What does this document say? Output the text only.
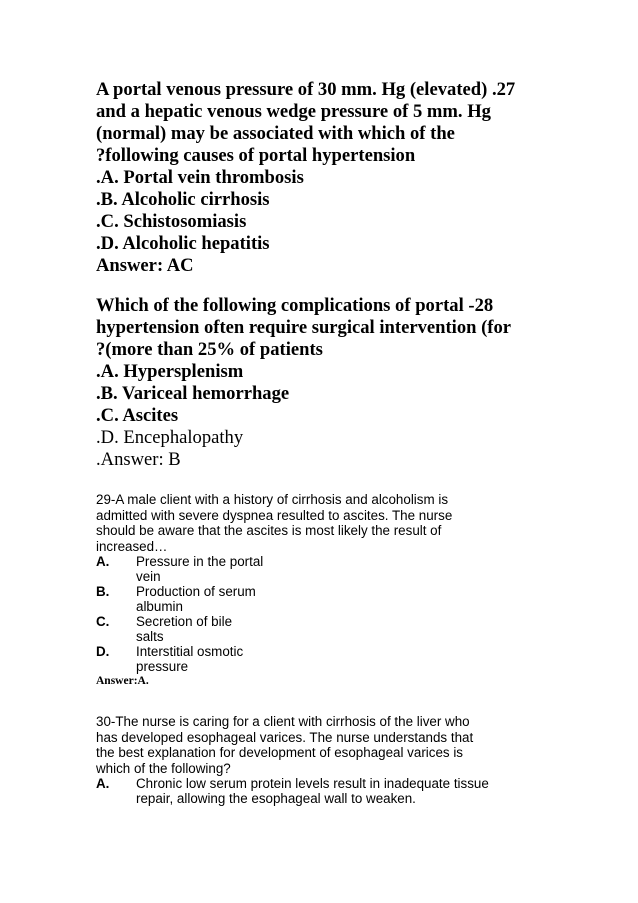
A portal venous pressure of 30 mm. Hg (elevated) .27
and a hepatic venous wedge pressure of 5 mm. Hg
(normal) may be associated with which of the
?following causes of portal hypertension
.A. Portal vein thrombosis
.B. Alcoholic cirrhosis
.C. Schistosomiasis
.D. Alcoholic hepatitis
Answer: AC
Which of the following complications of portal -28
hypertension often require surgical intervention (for
?(more than 25% of patients
.A. Hypersplenism
.B. Variceal hemorrhage
.C. Ascites
.D. Encephalopathy
.Answer: B
29-A male client with a history of cirrhosis and alcoholism is
admitted with severe dyspnea resulted to ascites. The nurse
should be aware that the ascites is most likely the result of
increased…
A.	Pressure in the portal
vein
B.	Production of serum
albumin
C.	Secretion of bile
salts
D.	Interstitial osmotic
pressure
Answer:A.
30-The nurse is caring for a client with cirrhosis of the liver who
has developed esophageal varices. The nurse understands that
the best explanation for development of esophageal varices is
which of the following?
A.	Chronic low serum protein levels result in inadequate tissue
repair, allowing the esophageal wall to weaken.
